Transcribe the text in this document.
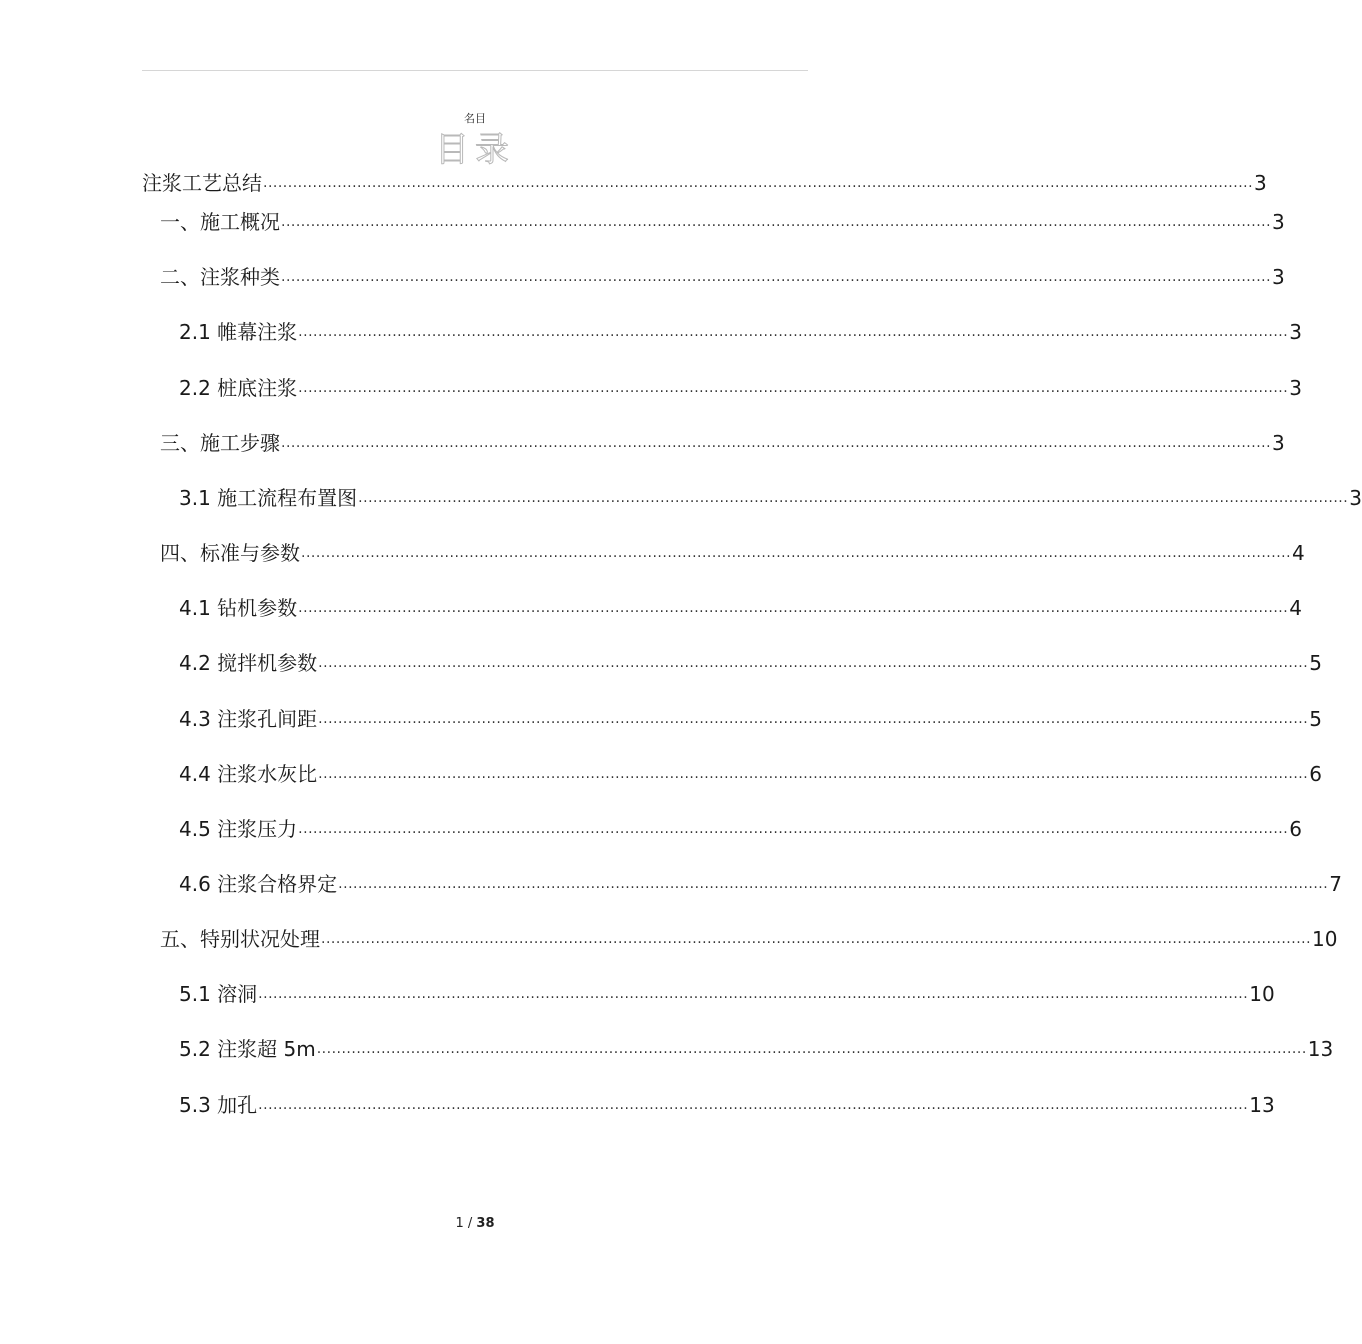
名目
目录
注浆工艺总结 ........................................................................................................................................................................................................ 3
一、施工概况 ........................................................................................................................................................................................................ 3
二、注浆种类 ........................................................................................................................................................................................................ 3
2.1 帷幕注浆 ........................................................................................................................................................................................................ 3
2.2 桩底注浆 ........................................................................................................................................................................................................ 3
三、施工步骤 ........................................................................................................................................................................................................ 3
3.1 施工流程布置图 ........................................................................................................................................................................................................ 3
四、标准与参数 ........................................................................................................................................................................................................ 4
4.1 钻机参数 ........................................................................................................................................................................................................ 4
4.2 搅拌机参数 ........................................................................................................................................................................................................ 5
4.3 注浆孔间距 ........................................................................................................................................................................................................ 5
4.4 注浆水灰比 ........................................................................................................................................................................................................ 6
4.5 注浆压力 ........................................................................................................................................................................................................ 6
4.6 注浆合格界定 ........................................................................................................................................................................................................ 7
五、特别状况处理 ........................................................................................................................................................................................................ 10
5.1 溶洞 ........................................................................................................................................................................................................ 10
5.2 注浆超 5m ........................................................................................................................................................................................................ 13
5.3 加孔 ........................................................................................................................................................................................................ 13
1 / 38
